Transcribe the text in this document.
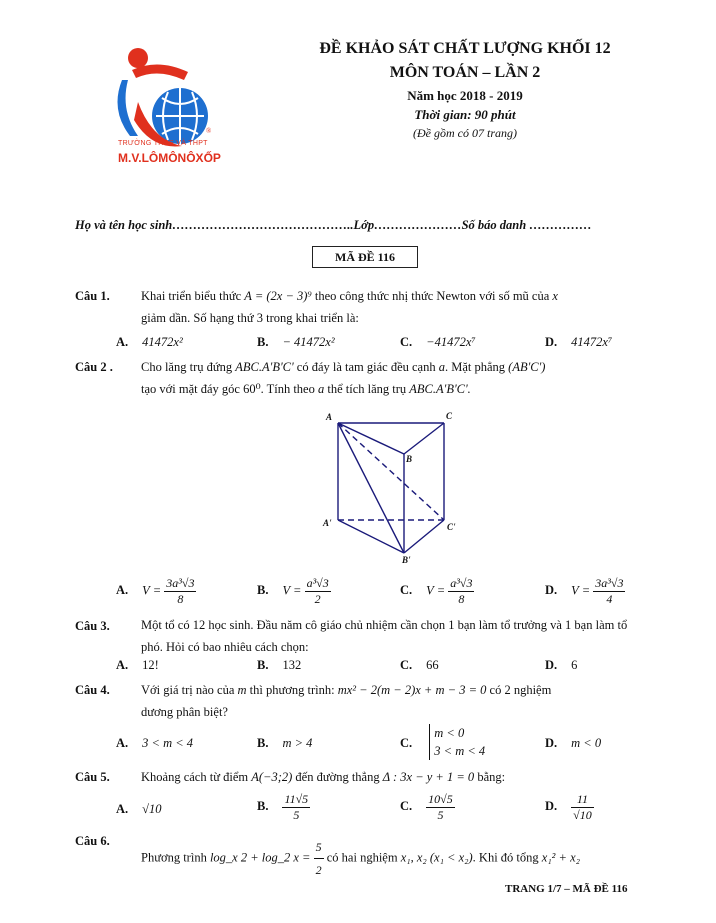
®
TRƯỜNG THCS VÀ THPT
M.V.LÔMÔNÔXỐP
ĐỀ KHẢO SÁT CHẤT LƯỢNG KHỐI 12
MÔN TOÁN – LẦN 2
Năm học 2018 - 2019
Thời gian: 90 phút
(Đề gồm có 07 trang)
Họ và tên học sinh……………………………………..Lớp…………………Số báo danh ……………
MÃ ĐỀ 116
Câu 1.	Khai triển biểu thức A = (2x − 3)⁹ theo công thức nhị thức Newton với số mũ của x
giảm dần. Số hạng thứ 3 trong khai triển là:
A. 41472x²	B. − 41472x²	C. −41472x⁷	D. 41472x⁷
Câu 2 . Cho lăng trụ đứng ABC.A'B'C' có đáy là tam giác đều cạnh a. Mặt phẳng (AB'C')
tạo với mặt đáy góc 60⁰. Tính theo a thể tích lăng trụ ABC.A'B'C'.
A	C
B
A'	C'
B'
A. $V = \frac{\text{3a³√3}}{8}$	B. $V = \frac{\text{a³√3}}{2}$	C. $V = \frac{\text{a³√3}}{8}$	D. $V = \frac{\text{3a³√3}}{4}$
Câu 3.	Một tổ có 12 học sinh. Đầu năm cô giáo chủ nhiệm cần chọn 1 bạn làm tổ trưởng và 1 bạn làm tổ phó. Hỏi có bao nhiêu cách chọn:
A. 12!	B. 132	C. 66	D. 6
Câu 4.	Với giá trị nào của m thì phương trình: mx² − 2(m − 2)x + m − 3 = 0 có 2 nghiệm
dương phân biệt?
A. 3 < m < 4	B. m > 4	C.
m < 0
3 < m < 4
D. m < 0
Câu 5.	Khoảng cách từ điểm A(−3;2) đến đường thẳng Δ : 3x − y + 1 = 0 bằng:
A. √10	B. $\frac{11√5}{5}$	C. $\frac{10√5}{5}$	D. $\frac{11}{√10}$
Câu 6.
Phương trình log_x 2 + log_2 $x = \frac{5}{2}$ có hai nghiệm x₁, x₂ (x₁ < x₂). Khi đó tổng x₁² + x₂
TRANG 1/7 – MÃ ĐỀ 116
